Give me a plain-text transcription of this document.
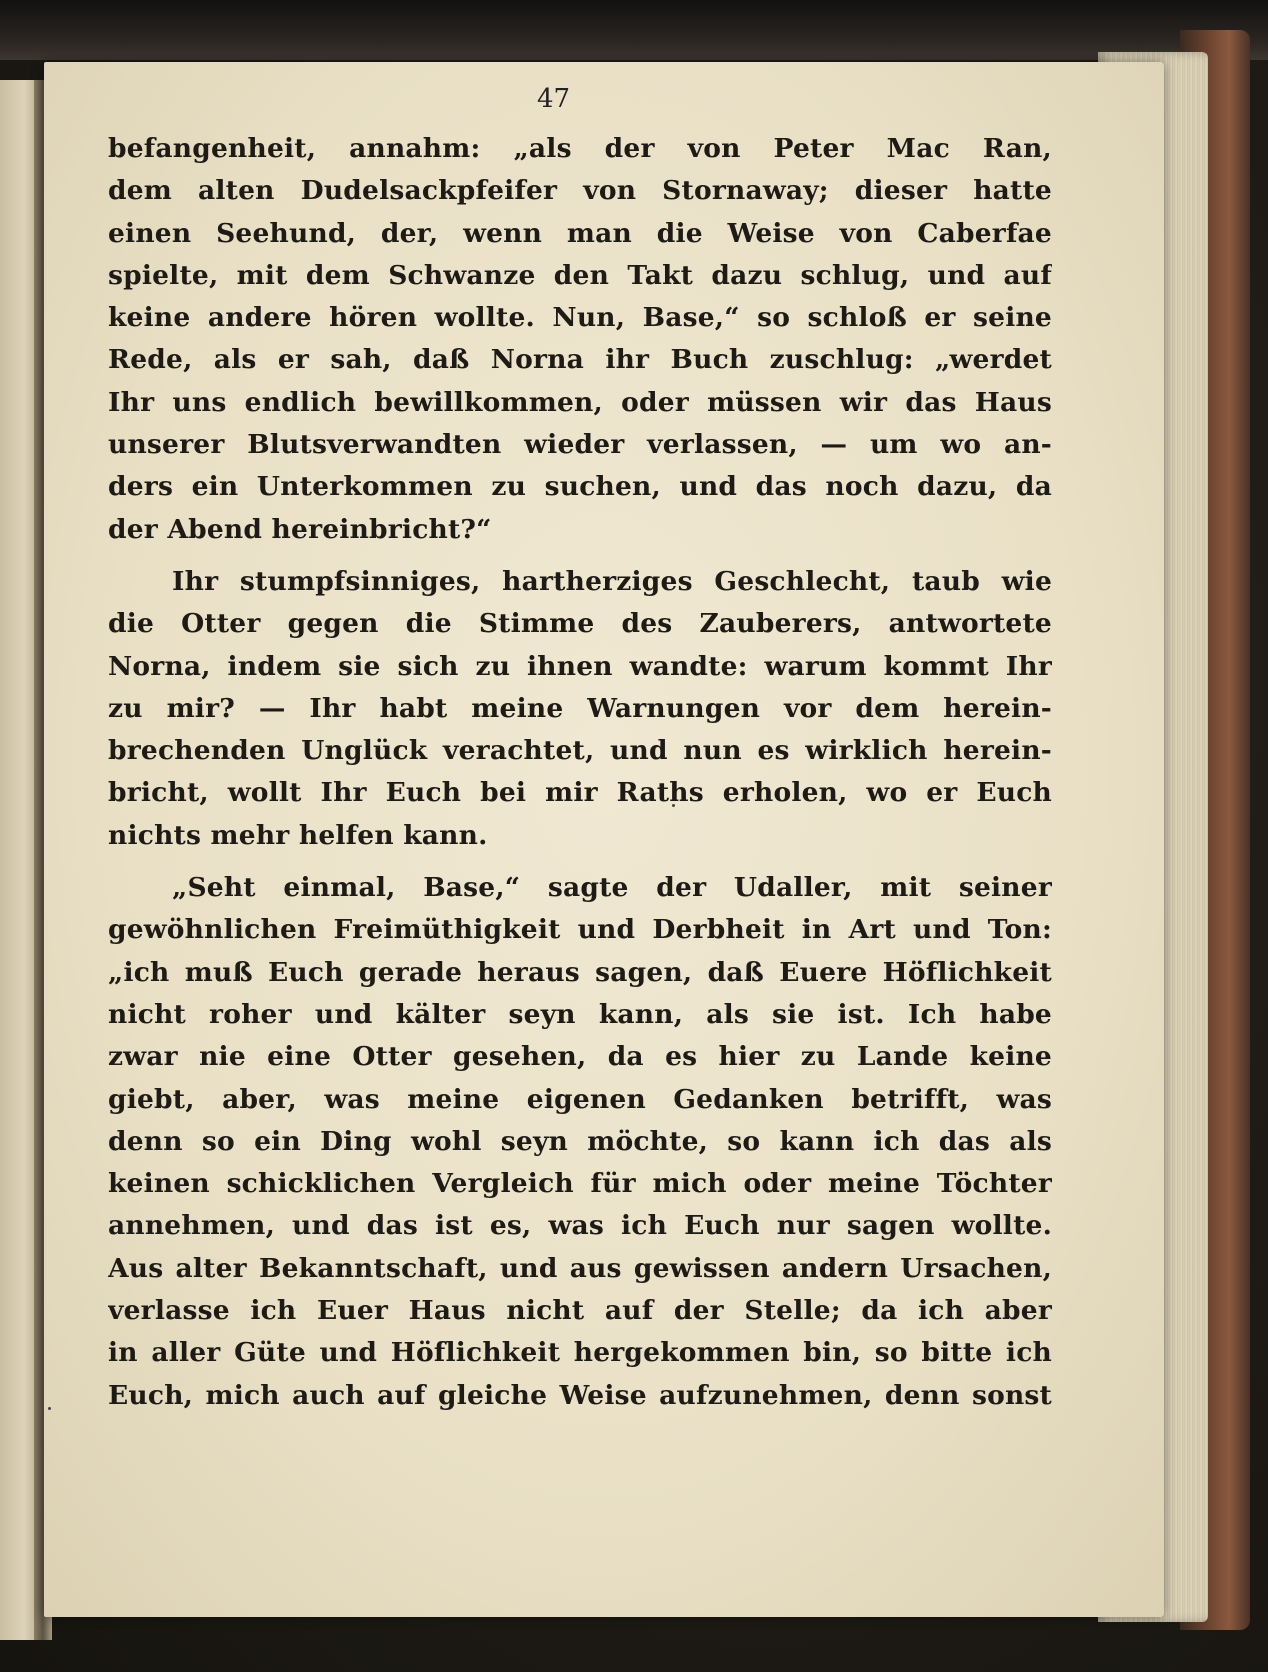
47
befangenheit, annahm: „als der von Peter Mac Ran,
dem alten Dudelsackpfeifer von Stornaway; dieser hatte
einen Seehund, der, wenn man die Weise von Caberfae
spielte, mit dem Schwanze den Takt dazu schlug, und auf
keine andere hören wollte. Nun, Base,“ so schloß er seine
Rede, als er sah, daß Norna ihr Buch zuschlug: „werdet
Ihr uns endlich bewillkommen, oder müssen wir das Haus
unserer Blutsverwandten wieder verlassen, — um wo an-
ders ein Unterkommen zu suchen, und das noch dazu, da
der Abend hereinbricht?“
Ihr stumpfsinniges, hartherziges Geschlecht, taub wie
die Otter gegen die Stimme des Zauberers, antwortete
Norna, indem sie sich zu ihnen wandte: warum kommt Ihr
zu mir? — Ihr habt meine Warnungen vor dem herein-
brechenden Unglück verachtet, und nun es wirklich herein-
bricht, wollt Ihr Euch bei mir Raths erholen, wo er Euch
nichts mehr helfen kann.
„Seht einmal, Base,“ sagte der Udaller, mit seiner
gewöhnlichen Freimüthigkeit und Derbheit in Art und Ton:
„ich muß Euch gerade heraus sagen, daß Euere Höflichkeit
nicht roher und kälter seyn kann, als sie ist. Ich habe
zwar nie eine Otter gesehen, da es hier zu Lande keine
giebt, aber, was meine eigenen Gedanken betrifft, was
denn so ein Ding wohl seyn möchte, so kann ich das als
keinen schicklichen Vergleich für mich oder meine Töchter
annehmen, und das ist es, was ich Euch nur sagen wollte.
Aus alter Bekanntschaft, und aus gewissen andern Ursachen,
verlasse ich Euer Haus nicht auf der Stelle; da ich aber
in aller Güte und Höflichkeit hergekommen bin, so bitte ich
Euch, mich auch auf gleiche Weise aufzunehmen, denn sonst
